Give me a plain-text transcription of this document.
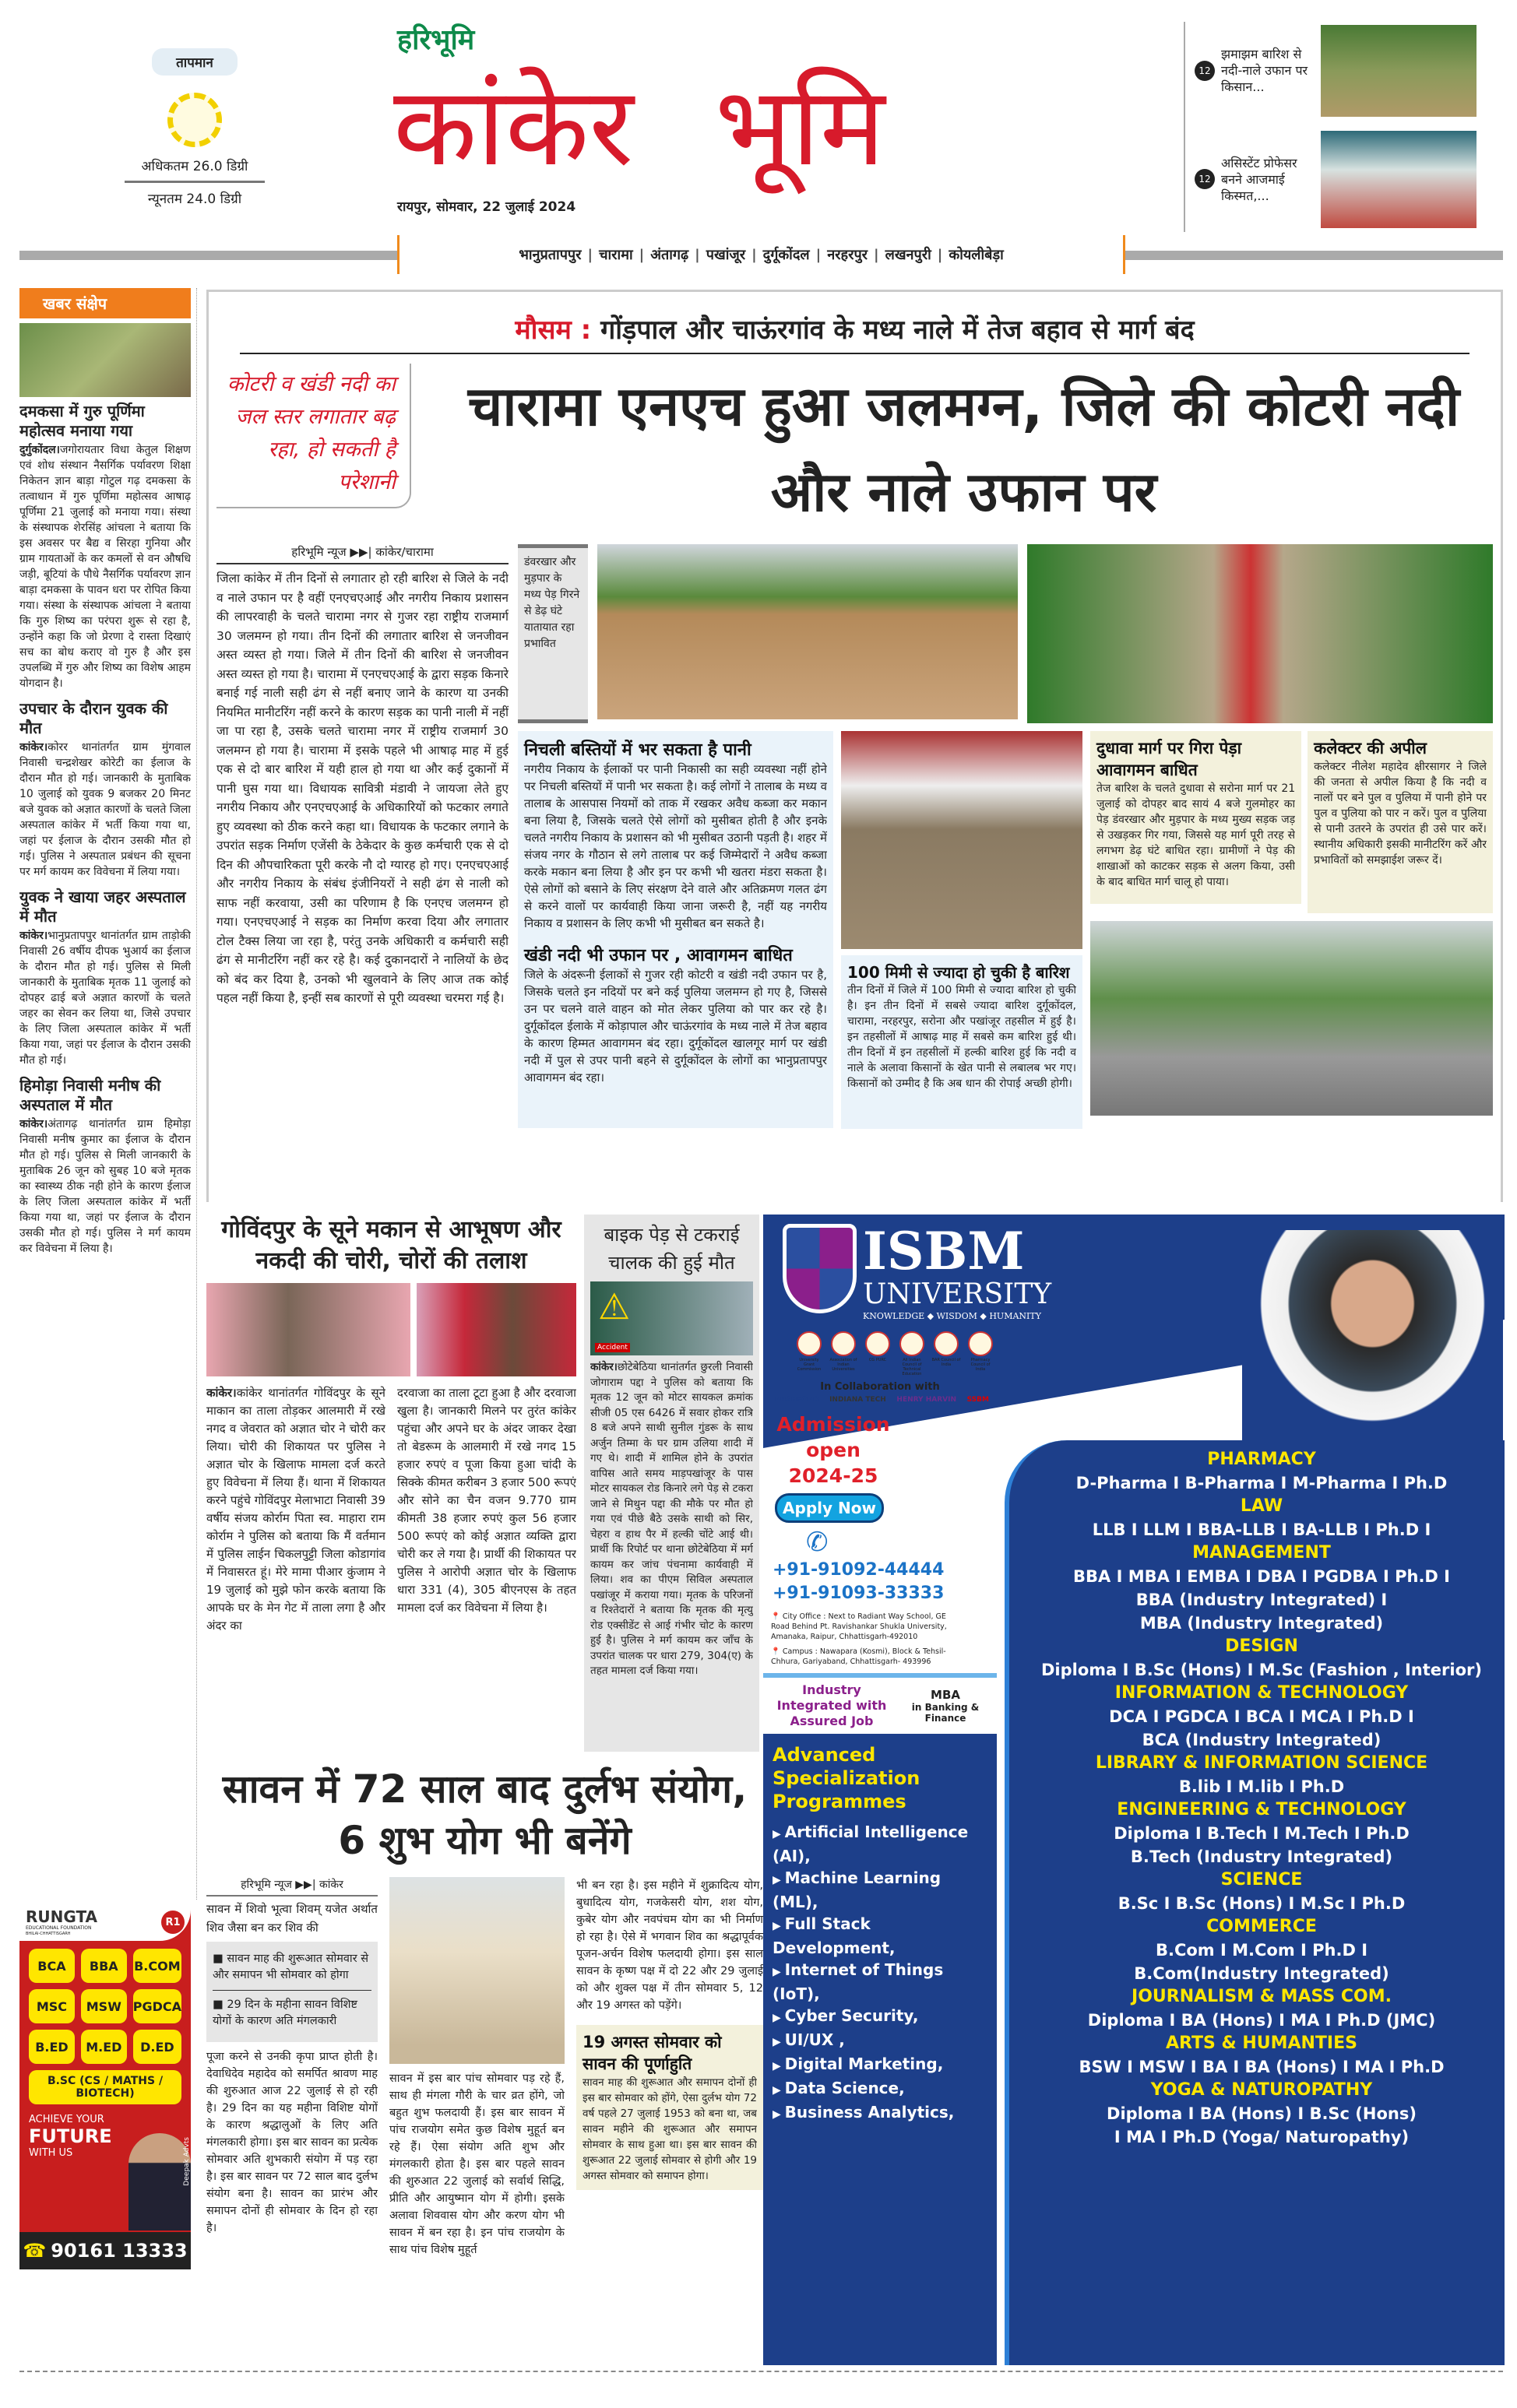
तापमान
अधिकतम 26.0 डिग्री
न्यूनतम 24.0 डिग्री
हरिभूमि
कांकेर भूमि
रायपुर, सोमवार, 22 जुलाई 2024
12
झमाझम बारिश से नदी-नाले उफान पर किसान...
12
असिस्टेंट प्रोफेसर बनने आजमाई किस्मत,...
भानुप्रतापपुर | चारामा | अंतागढ़ | पखांजूर | दुर्गूकोंदल | नरहरपुर | लखनपुरी | कोयलीबेड़ा
खबर संक्षेप
दमकसा में गुरु पूर्णिमा महोत्सव मनाया गया
दुर्गुकोंदल।जगोरायतार विधा केतुल शिक्षण एवं शोध संस्थान नैसर्गिक पर्यावरण शिक्षा निकेतन ज्ञान बाड़ा गोटुल गढ़ दमकसा के तत्वाधान में गुरु पूर्णिमा महोत्सव आषाढ़ पूर्णिमा 21 जुलाई को मनाया गया। संस्था के संस्थापक शेरसिंह आंचला ने बताया कि इस अवसर पर बैद्य व सिरहा गुनिया और ग्राम गायताओं के कर कमलों से वन औषधि जड़ी, बूटियां के पौधे नैसर्गिक पर्यावरण ज्ञान बाड़ा दमकसा के पावन धरा पर रोपित किया गया। संस्था के संस्थापक आंचला ने बताया कि गुरु शिष्य का परंपरा शुरू से रहा है, उन्होंने कहा कि जो प्रेरणा दे रास्ता दिखाएं सच का बोध कराए वो गुरु है और इस उपलब्धि में गुरु और शिष्य का विशेष आहम योगदान है।
उपचार के दौरान युवक की मौत
कांकेर।कोरर थानांतर्गत ग्राम मुंगवाल निवासी चन्द्रशेखर कोरेटी का ईलाज के दौरान मौत हो गई। जानकारी के मुताबिक 10 जुलाई को युवक 9 बजकर 20 मिनट बजे युवक को अज्ञात कारणों के चलते जिला अस्पताल कांकेर में भर्ती किया गया था, जहां पर ईलाज के दौरान उसकी मौत हो गई। पुलिस ने अस्पताल प्रबंधन की सूचना पर मर्ग कायम कर विवेचना में लिया गया।
युवक ने खाया जहर अस्पताल में मौत
कांकेर।भानुप्रतापपुर थानांतर्गत ग्राम ताड़ोकी निवासी 26 वर्षीय दीपक भुआर्य का ईलाज के दौरान मौत हो गई। पुलिस से मिली जानकारी के मुताबिक मृतक 11 जुलाई को दोपहर ढाई बजे अज्ञात कारणों के चलते जहर का सेवन कर लिया था, जिसे उपचार के लिए जिला अस्पताल कांकेर में भर्ती किया गया, जहां पर ईलाज के दौरान उसकी मौत हो गई।
हिमोड़ा निवासी मनीष की अस्पताल में मौत
कांकेर।अंतागढ़ थानांतर्गत ग्राम हिमोड़ा निवासी मनीष कुमार का ईलाज के दौरान मौत हो गई। पुलिस से मिली जानकारी के मुताबिक 26 जून को सुबह 10 बजे मृतक का स्वास्थ्य ठीक नही होने के कारण ईलाज के लिए जिला अस्पताल कांकेर में भर्ती किया गया था, जहां पर ईलाज के दौरान उसकी मौत हो गई। पुलिस ने मर्ग कायम कर विवेचना में लिया है।
RUNGTA
EDUCATIONAL FOUNDATION
BHILAI-CHHATTISGARH
R1
BCA	BBA	B.COM
MSC	MSW PGDCA
B.ED	M.ED	D.ED
B.SC (CS / MATHS / BIOTECH)
ACHIEVE YOUR
FUTURE
WITH US	Deepak Advts
☎ 90161 13333
मौसम : गोंड़पाल और चाऊंरगांव के मध्य नाले में तेज बहाव से मार्ग बंद
कोटरी व खंडी नदी का जल स्तर लगातार बढ़ रहा, हो सकती है परेशानी
चारामा एनएच हुआ जलमग्न, जिले की कोटरी नदी और नाले उफान पर
हरिभूमि न्यूज ▶▶| कांकेर/चारामा
जिला कांकेर में तीन दिनों से लगातार हो रही बारिश से जिले के नदी व नाले उफान पर है वहीं एनएचएआई और नगरीय निकाय प्रशासन की लापरवाही के चलते चारामा नगर से गुजर रहा राष्ट्रीय राजमार्ग 30 जलमग्न हो गया। तीन दिनों की लगातार बारिश से जनजीवन अस्त व्यस्त हो गया। जिले में तीन दिनों की बारिश से जनजीवन अस्त व्यस्त हो गया है। चारामा में एनएचएआई के द्वारा सड़क किनारे बनाई गई नाली सही ढंग से नहीं बनाए जाने के कारण या उनकी नियमित मानीटरिंग नहीं करने के कारण सड़क का पानी नाली में नहीं जा पा रहा है, उसके चलते चारामा नगर में राष्ट्रीय राजमार्ग 30 जलमग्न हो गया है। चारामा में इसके पहले भी आषाढ़ माह में हुई एक से दो बार बारिश में यही हाल हो गया था और कई दुकानों में पानी घुस गया था। विधायक सावित्री मंडावी ने जायजा लेते हुए नगरीय निकाय और एनएचएआई के अधिकारियों को फटकार लगाते हुए व्यवस्था को ठीक करने कहा था। विधायक के फटकार लगाने के उपरांत सड़क निर्माण एजेंसी के ठेकेदार के कुछ कर्मचारी एक से दो दिन की औपचारिकता पूरी करके नौ दो ग्यारह हो गए। एनएचएआई और नगरीय निकाय के संबंध इंजीनियरों ने सही ढंग से नाली को साफ नहीं करवाया, उसी का परिणाम है कि एनएच जलमग्न हो गया। एनएचएआई ने सड़क का निर्माण करवा दिया और लगातार टोल टैक्स लिया जा रहा है, परंतु उनके अधिकारी व कर्मचारी सही ढंग से मानीटरिंग नहीं कर रहे है। कई दुकानदारों ने नालियों के छेद को बंद कर दिया है, उनको भी खुलवाने के लिए आज तक कोई पहल नहीं किया है, इन्हीं सब कारणों से पूरी व्यवस्था चरमरा गई है।
डंवरखार और मुड़पार के मध्य पेड़ गिरने से डेढ़ घंटे यातायात रहा प्रभावित
निचली बस्तियों में भर सकता है पानी
नगरीय निकाय के ईलाकों पर पानी निकासी का सही व्यवस्था नहीं होने पर निचली बस्तियों में पानी भर सकता है। कई लोगों ने तालाब के मध्य व तालाब के आसपास नियमों को ताक में रखकर अवैध कब्जा कर मकान बना लिया है, जिसके चलते ऐसे लोगों को मुसीबत होती है और इनके चलते नगरीय निकाय के प्रशासन को भी मुसीबत उठानी पड़ती है। शहर में संजय नगर के गौठान से लगे तालाब पर कई जिम्मेदारों ने अवैध कब्जा करके मकान बना लिया है और इन पर कभी भी खतरा मंडरा सकता है। ऐसे लोगों को बसाने के लिए संरक्षण देने वाले और अतिक्रमण गलत ढंग से करने वालों पर कार्यवाही किया जाना जरूरी है, नहीं यह नगरीय निकाय व प्रशासन के लिए कभी भी मुसीबत बन सकते है।
खंडी नदी भी उफान पर , आवागमन बाधित
जिले के अंदरूनी ईलाकों से गुजर रही कोटरी व खंडी नदी उफान पर है, जिसके चलते इन नदियों पर बने कई पुलिया जलमग्न हो गए है, जिससे उन पर चलने वाले वाहन को मोत लेकर पुलिया को पार कर रहे है। दुर्गूकोंदल ईलाके में कोड़ापाल और चाऊंरगांव के मध्य नाले में तेज बहाव के कारण हिम्मत आवागमन बंद रहा। दुर्गूकोंदल खालगूर मार्ग पर खंडी नदी में पुल से उपर पानी बहने से दुर्गूकोंदल के लोगों का भानुप्रतापपुर आवागमन बंद रहा।
100 मिमी से ज्यादा हो चुकी है बारिश
तीन दिनों में जिले में 100 मिमी से ज्यादा बारिश हो चुकी है। इन तीन दिनों में सबसे ज्यादा बारिश दुर्गूकोंदल, चारामा, नरहरपुर, सरोना और पखांजूर तहसील में हुई है। इन तहसीलों में आषाढ़ माह में सबसे कम बारिश हुई थी। तीन दिनों में इन तहसीलों में हल्की बारिश हुई कि नदी व नाले के अलावा किसानों के खेत पानी से लबालब भर गए। किसानों को उम्मीद है कि अब धान की रोपाई अच्छी होगी।
दुधावा मार्ग पर गिरा पेड़ा आवागमन बाधित
तेज बारिश के चलते दुधावा से सरोना मार्ग पर 21 जुलाई को दोपहर बाद सायं 4 बजे गुलमोहर का पेड़ डंवरखार और मुड़पार के मध्य मुख्य सड़क जड़ से उखड़कर गिर गया, जिससे यह मार्ग पूरी तरह से लगभग डेढ़ घंटे बाधित रहा। ग्रामीणों ने पेड़ की शाखाओं को काटकर सड़क से अलग किया, उसी के बाद बाधित मार्ग चालू हो पाया।
कलेक्टर की अपील
कलेक्टर नीलेश महादेव क्षीरसागर ने जिले की जनता से अपील किया है कि नदी व नालों पर बने पुल व पुलिया में पानी होने पर पुल व पुलिया को पार न करें। पुल व पुलिया से पानी उतरने के उपरांत ही उसे पार करें। स्थानीय अधिकारी इसकी मानीटरिंग करें और प्रभावितों को समझाईश जरूर दें।
गोविंदपुर के सूने मकान से आभूषण और नकदी की चोरी, चोरों की तलाश
कांकेर।कांकेर थानांतर्गत गोविंदपुर के सूने माकान का ताला तोड़कर आलमारी में रखे नगद व जेवरात को अज्ञात चोर ने चोरी कर लिया। चोरी की शिकायत पर पुलिस ने अज्ञात चोर के खिलाफ मामला दर्ज करते हुए विवेचना में लिया हैं। थाना में शिकायत करने पहुंचे गोविंदपुर मेलाभाटा निवासी 39 वर्षीय संजय कोर्राम पिता स्व. माहारा राम कोर्राम ने पुलिस को बताया कि मैं वर्तमान में पुलिस लाईन चिकलपुट्टी जिला कोडागांव में निवासरत हूं। मेरे मामा पीआर कुंजाम ने 19 जुलाई को मुझे फोन करके बताया कि आपके घर के मेन गेट में ताला लगा है और अंदर का
दरवाजा का ताला टूटा हुआ है और दरवाजा खुला है। जानकारी मिलने पर तुरंत कांकेर पहुंचा और अपने घर के अंदर जाकर देखा तो बेडरूम के आलमारी में रखे नगद 15 हजार रुपएं व पूजा किया हुआ चांदी के सिक्के कीमत करीबन 3 हजार 500 रूपएं और सोने का चैन वजन 9.770 ग्राम कीमती 38 हजार रुपएं कुल 56 हजार 500 रूपएं को कोई अज्ञात व्यक्ति द्वारा चोरी कर ले गया है। प्रार्थी की शिकायत पर पुलिस ने आरोपी अज्ञात चोर के खिलाफ धारा 331 (4), 305 बीएनएस के तहत मामला दर्ज कर विवेचना में लिया है।
बाइक पेड़ से टकराई चालक की हुई मौत
⚠
Accident
कांकेर।छोटेबेठिया थानांतर्गत छुरली निवासी जोगाराम पद्दा ने पुलिस को बताया कि मृतक 12 जून को मोटर सायकल क्रमांक सीजी 05 एस 6426 में सवार होकर रात्रि 8 बजे अपने साथी सुनील गुंडरू के साथ अर्जुन तिम्मा के घर ग्राम उलिया शादी में गए थे। शादी में शामिल होने के उपरांत वापिस आते समय माड़पखांजूर के पास मोटर सायकल रोड किनारे लगे पेड़ से टकरा जाने से मिथुन पद्दा की मौके पर मौत हो गया एवं पीछे बैठे उसके साथी को सिर, चेहरा व हाथ पैर में हल्की चोंटे आई थी। प्रार्थी कि रिपोर्ट पर थाना छोटेबेठिया में मर्ग कायम कर जांच पंचनामा कार्यवाही में लिया। शव का पीएम सिविल अस्पताल पखांजूर में कराया गया। मृतक के परिजनों व रिश्तेदारों ने बताया कि मृतक की मृत्यु रोड एक्सीडेंट से आई गंभीर चोट के कारण हुई है। पुलिस ने मर्ग कायम कर जाँच के उपरांत चालक पर धारा 279, 304(ए) के तहत मामला दर्ज किया गया।
सावन में 72 साल बाद दुर्लभ संयोग, 6 शुभ योग भी बनेंगे
हरिभूमि न्यूज ▶▶| कांकेर
सावन में शिवो भूत्वा शिवम् यजेत अर्थात शिव जैसा बन कर शिव की
■ सावन माह की शुरूआत सोमवार से और समापन भी सोमवार को होगा
■ 29 दिन के महीना सावन विशिष्ट योगों के कारण अति मंगलकारी
पूजा करने से उनकी कृपा प्राप्त होती है। देवाधिदेव महादेव को समर्पित श्रावण माह की शुरुआत आज 22 जुलाई से हो रही है। 29 दिन का यह महीना विशिष्ट योगों के कारण श्रद्धालुओं के लिए अति मंगलकारी होगा। इस बार सावन का प्रत्येक सोमवार अति शुभकारी संयोग में पड़ रहा है। इस बार सावन पर 72 साल बाद दुर्लभ संयोग बना है। सावन का प्रारंभ और समापन दोनों ही सोमवार के दिन हो रहा है।
सावन में इस बार पांच सोमवार पड़ रहे हैं, साथ ही मंगला गौरी के चार व्रत होंगे, जो बहुत शुभ फलदायी हैं। इस बार सावन में पांच राजयोग समेत कुछ विशेष मुहूर्त बन रहे हैं। ऐसा संयोग अति शुभ और मंगलकारी होता है। इस बार पहले सावन की शुरुआत 22 जुलाई को सर्वार्थ सिद्धि, प्रीति और आयुष्मान योग में होगी। इसके अलावा शिववास योग और करण योग भी सावन में बन रहा है। इन पांच राजयोग के साथ पांच विशेष मुहूर्त
भी बन रहा है। इस महीने में शुक्रादित्य योग, बुधादित्य योग, गजकेसरी योग, शश योग, कुबेर योग और नवपंचम योग का भी निर्माण हो रहा है। ऐसे में भगवान शिव का श्रद्धापूर्वक पूजन-अर्चन विशेष फलदायी होगा। इस साल सावन के कृष्ण पक्ष में दो 22 और 29 जुलाई को और शुक्ल पक्ष में तीन सोमवार 5, 12 और 19 अगस्त को पड़ेंगे।
19 अगस्त सोमवार को सावन की पूर्णाहुति
सावन माह की शुरूआत और समापन दोनों ही इस बार सोमवार को होंगे, ऐसा दुर्लभ योग 72 वर्ष पहले 27 जुलाई 1953 को बना था, जब सावन महीने की शुरूआत और समापन सोमवार के साथ हुआ था। इस बार सावन की शुरूआत 22 जुलाई सोमवार से होगी और 19 अगस्त सोमवार को समापन होगा।
PHARMACY
D-Pharma I B-Pharma I M-Pharma I Ph.D
LAW
LLB I LLM I BBA-LLB I BA-LLB I Ph.D I
MANAGEMENT
BBA I MBA I EMBA I DBA I PGDBA I Ph.D I
BBA (Industry Integrated) I
MBA (Industry Integrated)
DESIGN
Diploma I B.Sc (Hons) I M.Sc (Fashion , Interior)
INFORMATION & TECHNOLOGY
DCA I PGDCA I BCA I MCA I Ph.D I
BCA (Industry Integrated)
LIBRARY & INFORMATION SCIENCE
B.lib I M.lib I Ph.D
ENGINEERING & TECHNOLOGY
Diploma I B.Tech I M.Tech I Ph.D
B.Tech (Industry Integrated)
SCIENCE
B.Sc I B.Sc (Hons) I M.Sc I Ph.D
COMMERCE
B.Com I M.Com I Ph.D I
B.Com(Industry Integrated)
JOURNALISM & MASS COM.
Diploma I BA (Hons) I MA I Ph.D (JMC)
ARTS & HUMANTIES
BSW I MSW I BA I BA (Hons) I MA I Ph.D
YOGA & NATUROPATHY
Diploma I BA (Hons) I B.Sc (Hons)
I MA I Ph.D (Yoga/ Naturopathy)
ISBM
UNIVERSITY
KNOWLEDGE ◆ WISDOM ◆ HUMANITY
University Grant Commission
Association of Indian Universities
CG PURC	All Indian Council of Technical Education
BAR Council of India
Pharmacy Council of India
In Collaboration with
RUSHFORD INDIANA TECH HENRY HARVIN SSBM
Admission
open
2024-25
Apply Now
✆
+91-91092-44444
+91-91093-33333
📍 City Office : Next to Radiant Way School, GE Road Behind Pt. Ravishankar Shukla University, Amanaka, Raipur, Chhattisgarh-492010
📍 Campus : Nawapara (Kosmi), Block & Tehsil- Chhura, Gariyaband, Chhattisgarh- 493996
Industry Integrated with Assured Job
MBA
in Banking & Finance
Advanced Specialization Programmes
▶ Artificial Intelligence (AI),
▶ Machine Learning (ML),
▶ Full Stack Development,
▶ Internet of Things (IoT),
▶ Cyber Security,
▶ UI/UX ,
▶ Digital Marketing,
▶ Data Science,
▶ Business Analytics,
